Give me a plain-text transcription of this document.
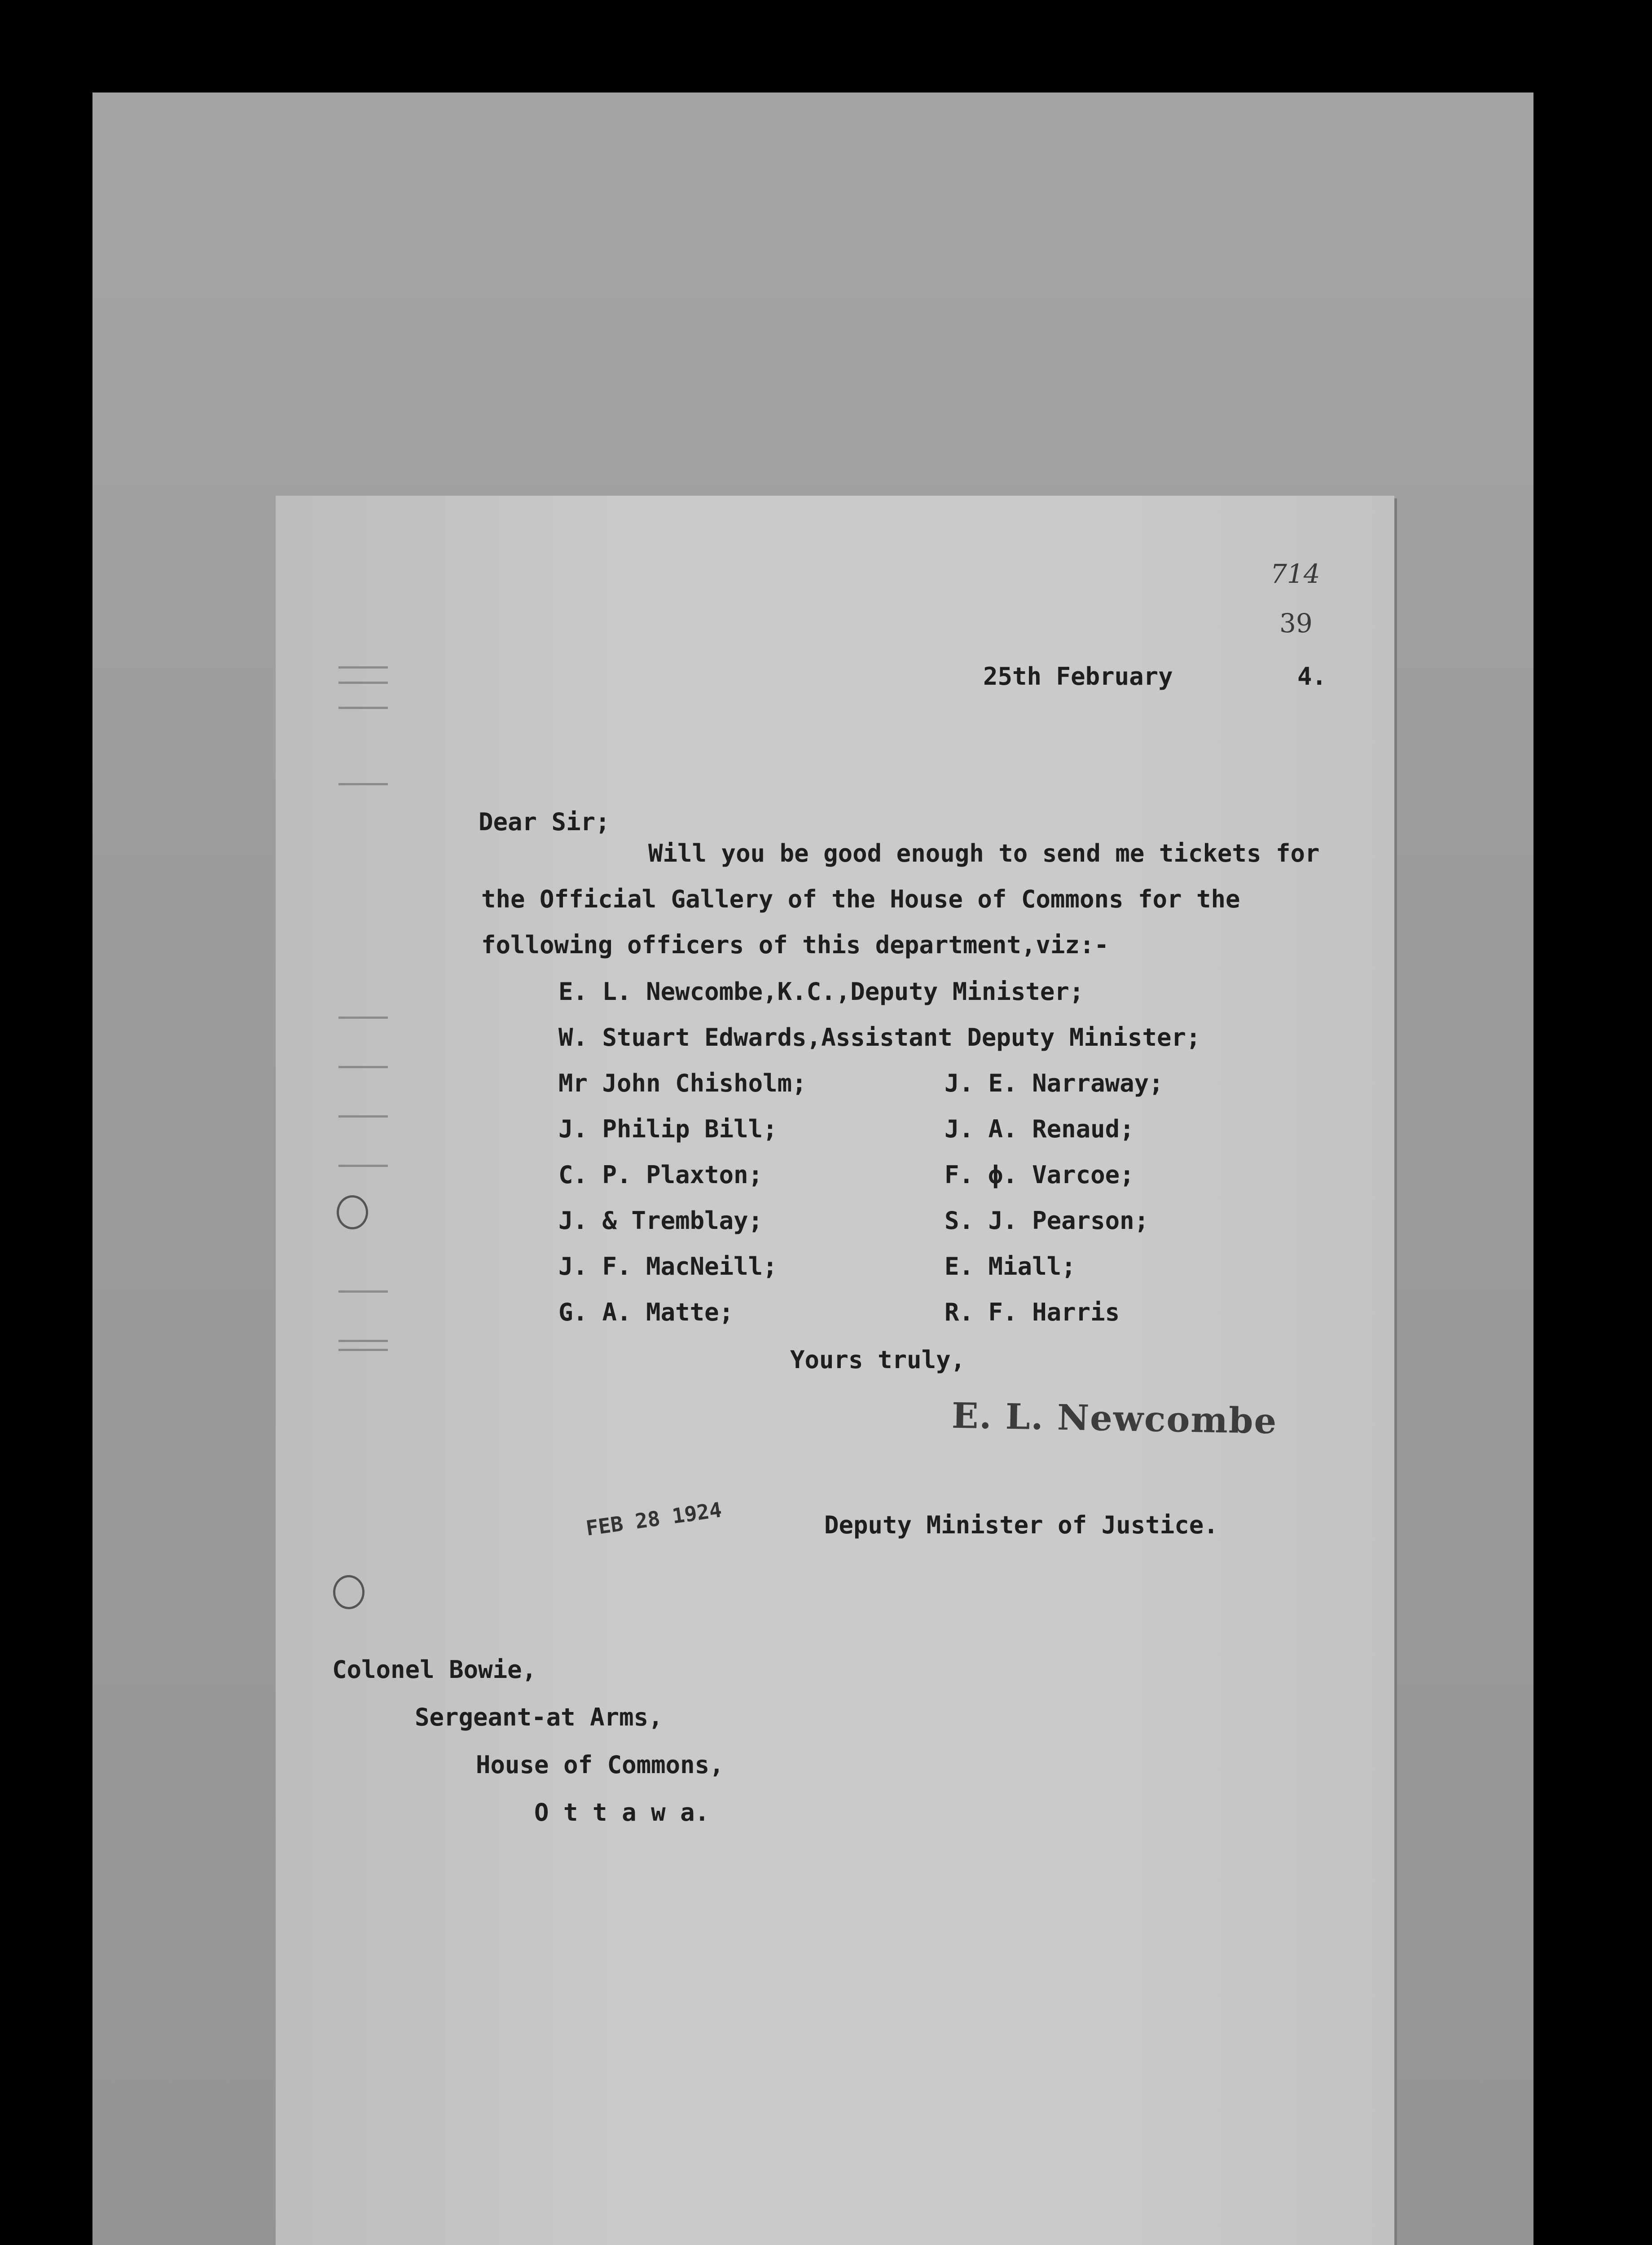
714
39
25th February	4.
Dear Sir;
Will you be good enough to send me tickets for
the Official Gallery of the House of Commons for the
following officers of this department,viz:-
E. L. Newcombe,K.C.,Deputy Minister;
W. Stuart Edwards,Assistant Deputy Minister;
Mr John Chisholm;
J. Philip Bill;
C. P. Plaxton;
J. & Tremblay;
J. F. MacNeill;
G. A. Matte;
J. E. Narraway;
J. A. Renaud;
F. ϕ. Varcoe;
S. J. Pearson;
E. Miall;
R. F. Harris
Yours truly,
E. L. Newcombe
FEB 28 1924	Deputy Minister of Justice.
Colonel Bowie,
Sergeant-at Arms,
House of Commons,
O t t a w a.
